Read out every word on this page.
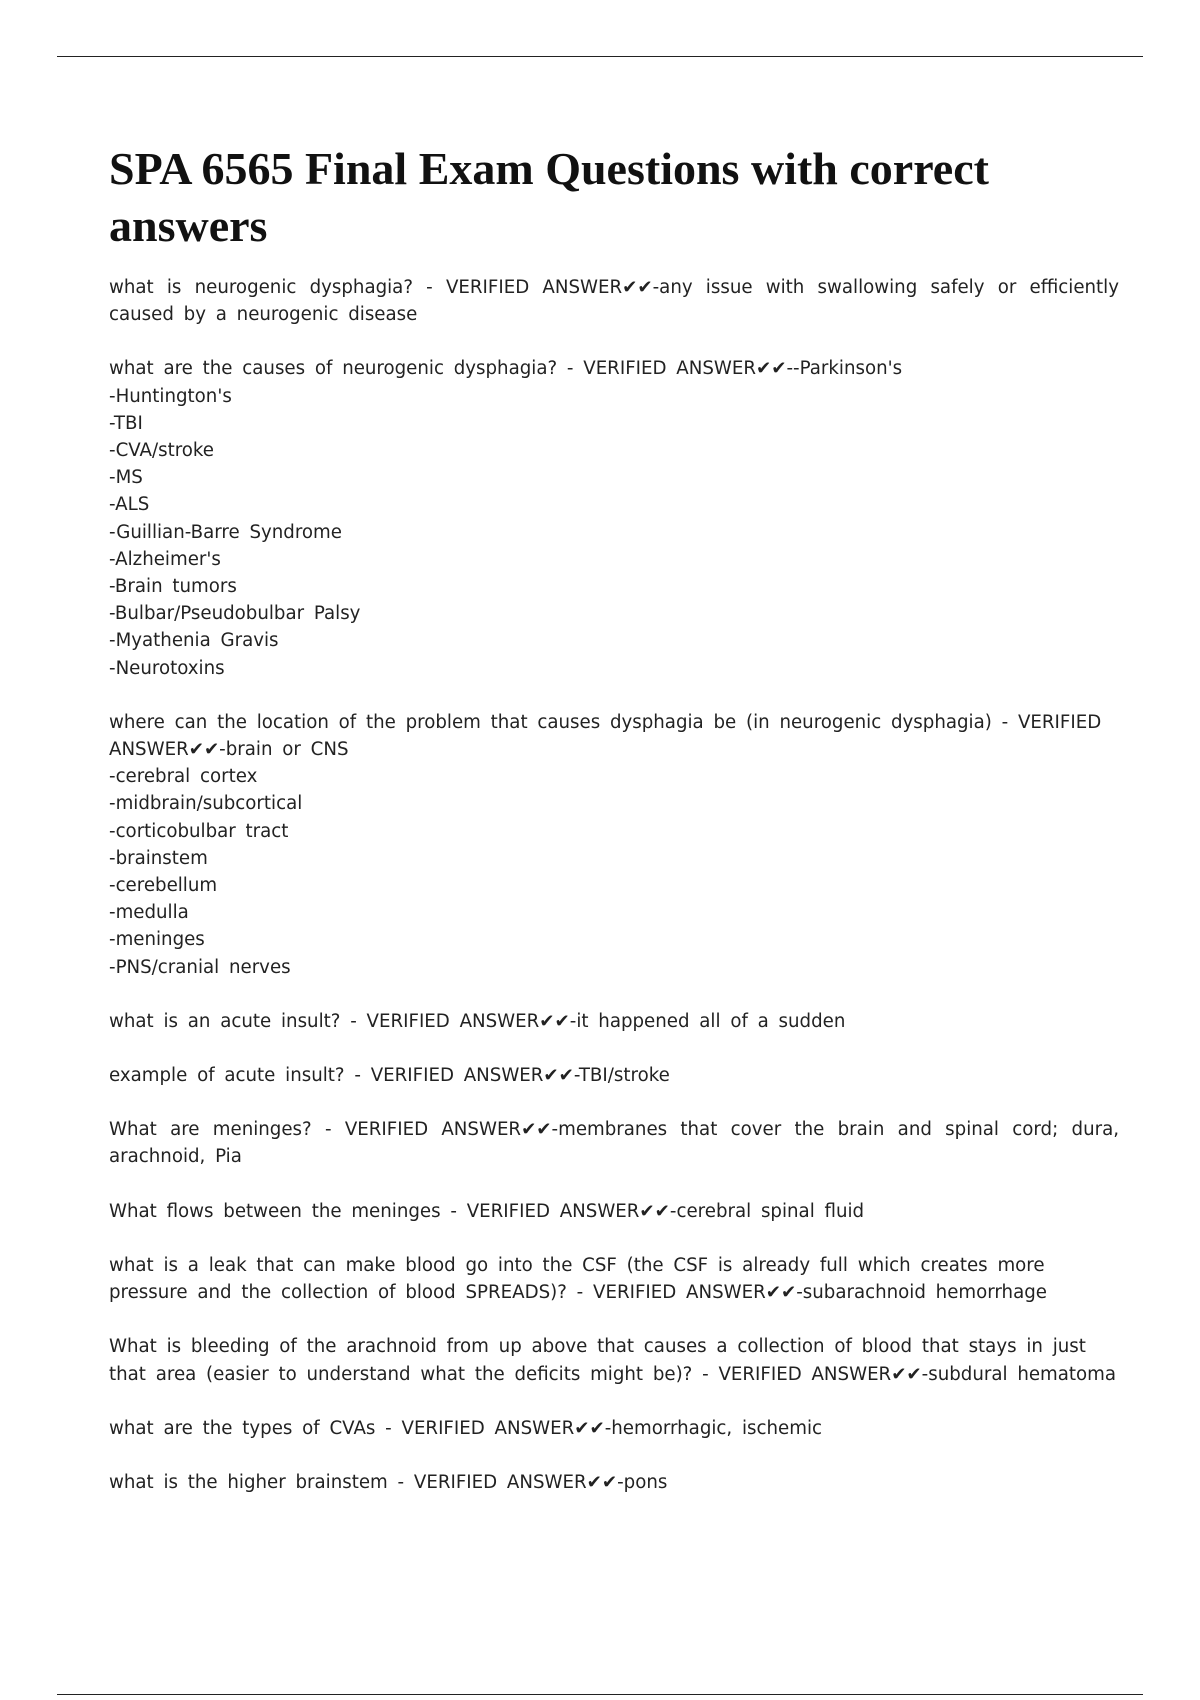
SPA 6565 Final Exam Questions with correct answers
what is neurogenic dysphagia? - VERIFIED ANSWER✔✔-any issue with swallowing safely or efficiently caused by a neurogenic disease
what are the causes of neurogenic dysphagia? - VERIFIED ANSWER✔✔--Parkinson's
-Huntington's
-TBI
-CVA/stroke
-MS
-ALS
-Guillian-Barre Syndrome
-Alzheimer's
-Brain tumors
-Bulbar/Pseudobulbar Palsy
-Myathenia Gravis
-Neurotoxins
where can the location of the problem that causes dysphagia be (in neurogenic dysphagia) - VERIFIED ANSWER✔✔-brain or CNS
-cerebral cortex
-midbrain/subcortical
-corticobulbar tract
-brainstem
-cerebellum
-medulla
-meninges
-PNS/cranial nerves
what is an acute insult? - VERIFIED ANSWER✔✔-it happened all of a sudden
example of acute insult? - VERIFIED ANSWER✔✔-TBI/stroke
What are meninges? - VERIFIED ANSWER✔✔-membranes that cover the brain and spinal cord; dura, arachnoid, Pia
What flows between the meninges - VERIFIED ANSWER✔✔-cerebral spinal fluid
what is a leak that can make blood go into the CSF (the CSF is already full which creates more pressure and the collection of blood SPREADS)? - VERIFIED ANSWER✔✔-subarachnoid hemorrhage
What is bleeding of the arachnoid from up above that causes a collection of blood that stays in just that area (easier to understand what the deficits might be)? - VERIFIED ANSWER✔✔-subdural hematoma
what are the types of CVAs - VERIFIED ANSWER✔✔-hemorrhagic, ischemic
what is the higher brainstem - VERIFIED ANSWER✔✔-pons
